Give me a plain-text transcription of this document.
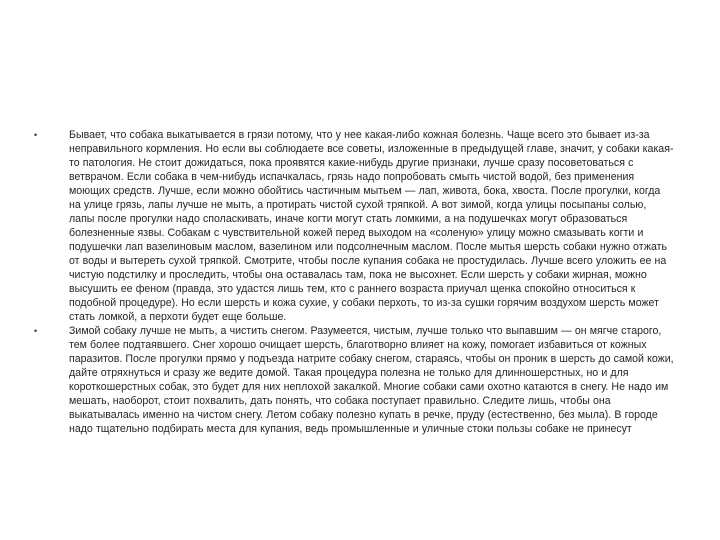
•	Бывает, что собака выкатывается в грязи потому, что у нее какая-либо кожная болезнь. Чаще всего это бывает из-за неправильного кормления. Но если вы соблюдаете все советы, изложенные в предыдущей главе, значит, у собаки какая-то патология. Не стоит дожидаться, пока проявятся какие-нибудь другие признаки, лучше сразу посоветоваться с ветврачом. Если собака в чем-нибудь испачкалась, грязь надо попробовать смыть чистой водой, без применения моющих средств. Лучше, если можно обойтись частичным мытьем — лап, живота, бока, хвоста. После прогулки, когда на улице грязь, лапы лучше не мыть, а протирать чистой сухой тряпкой. А вот зимой, когда улицы посыпаны солью, лапы после прогулки надо споласкивать, иначе когти могут стать ломкими, а на подушечках могут образоваться болезненные язвы. Собакам с чувствительной кожей перед выходом на «соленую» улицу можно смазывать когти и подушечки лап вазелиновым маслом, вазелином или подсолнечным маслом. После мытья шерсть собаки нужно отжать от воды и вытереть сухой тряпкой. Смотрите, чтобы после купания собака не простудилась. Лучше всего уложить ее на чистую подстилку и проследить, чтобы она оставалась там, пока не высохнет. Если шерсть у собаки жирная, можно высушить ее феном (правда, это удастся лишь тем, кто с раннего возраста приучал щенка спокойно относиться к подобной процедуре). Но если шерсть и кожа сухие, у собаки перхоть, то из-за сушки горячим воздухом шерсть может стать ломкой, а перхоти будет еще больше.
•	Зимой собаку лучше не мыть, а чистить снегом. Разумеется, чистым, лучше только что выпавшим — он мягче старого, тем более подтаявшего. Снег хорошо очищает шерсть, благотворно влияет на кожу, помогает избавиться от кожных паразитов. После прогулки прямо у подъезда натрите собаку снегом, стараясь, чтобы он проник в шерсть до самой кожи, дайте отряхнуться и сразу же ведите домой. Такая процедура полезна не только для длинношерстных, но и для короткошерстных собак, это будет для них неплохой закалкой. Многие собаки сами охотно катаются в снегу. Не надо им мешать, наоборот, стоит похвалить, дать понять, что собака поступает правильно. Следите лишь, чтобы она выкатывалась именно на чистом снегу. Летом собаку полезно купать в речке, пруду (естественно, без мыла). В городе надо тщательно подбирать места для купания, ведь промышленные и уличные стоки пользы собаке не принесут
